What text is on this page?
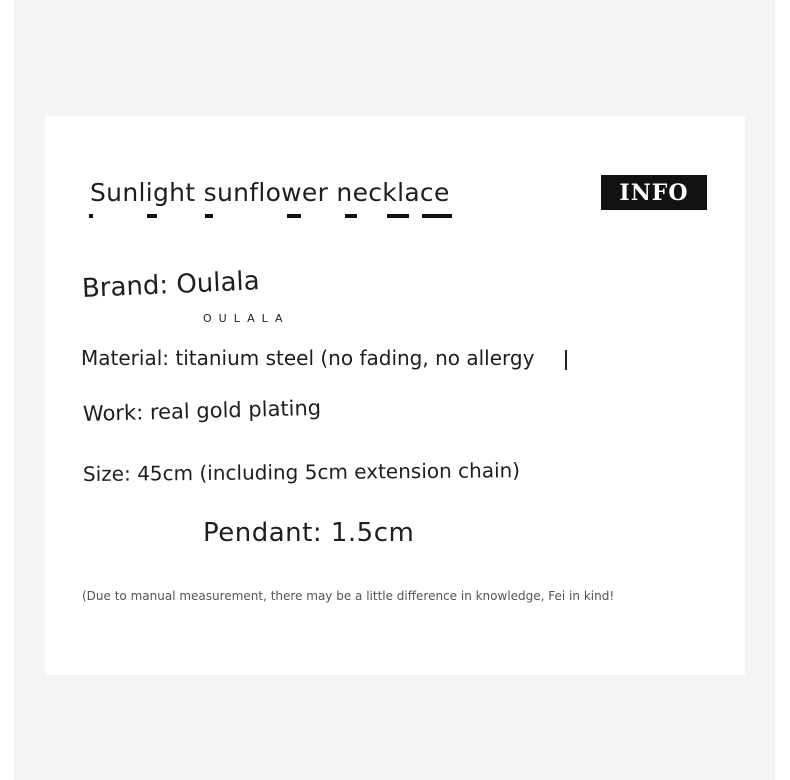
Sunlight sunflower necklace	INFO
Brand: Oulala
OULALA
Material: titanium steel (no fading, no allergy
Work: real gold plating
Size: 45cm (including 5cm extension chain)
Pendant: 1.5cm
(Due to manual measurement, there may be a little difference in knowledge, Fei in kind!
